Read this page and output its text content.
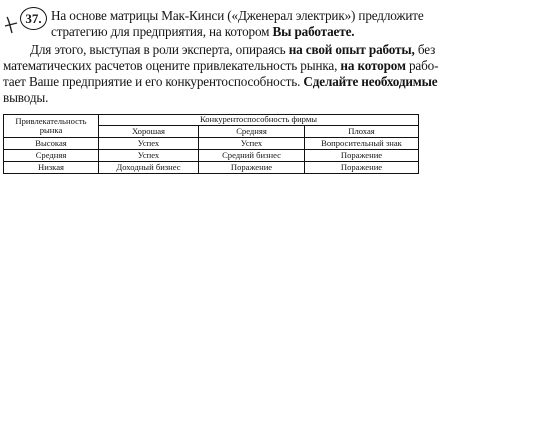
37. На основе матрицы Мак-Кинси («Дженерал электрик») предложите
стратегию для предприятия, на котором Вы работаете.
Для этого, выступая в роли эксперта, опираясь на свой опыт работы, без
математических расчетов оцените привлекательность рынка, на котором рабо-
тает Ваше предприятие и его конкурентоспособность. Сделайте необходимые
выводы.
Привлекательность рынка	Конкурентоспособность фирмы		
	Хорошая	Средняя	Плохая
Высокая	Успех	Успех	Вопросительный знак
Средняя	Успех	Средний бизнес	Поражение
Низкая	Доходный бизнес	Поражение	Поражение
